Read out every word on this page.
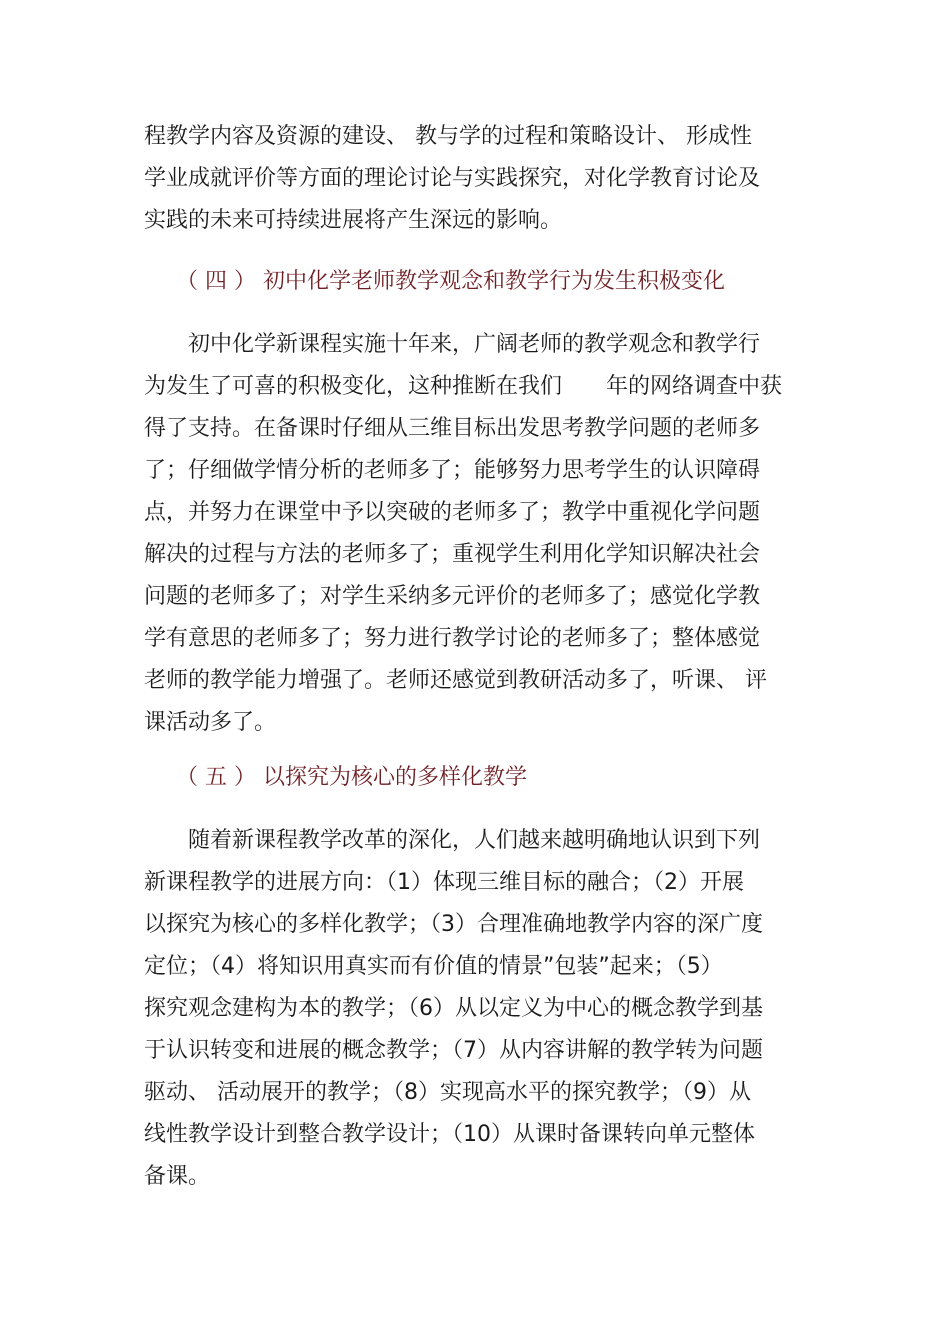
程教学内容及资源的建设、 教与学的过程和策略设计、 形成性
学业成就评价等方面的理论讨论与实践探究，对化学教育讨论及
实践的未来可持续进展将产生深远的影响。
（ 四 ） 初中化学老师教学观念和教学行为发生积极变化
　　初中化学新课程实施十年来，广阔老师的教学观念和教学行
为发生了可喜的积极变化，这种推断在我们　　年的网络调查中获
得了支持。在备课时仔细从三维目标出发思考教学问题的老师多
了；仔细做学情分析的老师多了；能够努力思考学生的认识障碍
点，并努力在课堂中予以突破的老师多了；教学中重视化学问题
解决的过程与方法的老师多了；重视学生利用化学知识解决社会
问题的老师多了；对学生采纳多元评价的老师多了；感觉化学教
学有意思的老师多了；努力进行教学讨论的老师多了；整体感觉
老师的教学能力增强了。老师还感觉到教研活动多了，听课、 评
课活动多了。
（ 五 ） 以探究为核心的多样化教学
　　随着新课程教学改革的深化，人们越来越明确地认识到下列
新课程教学的进展方向：（1）体现三维目标的融合；（2）开展
以探究为核心的多样化教学；（3）合理准确地教学内容的深广度
定位；（4）将知识用真实而有价值的情景”包装”起来；（5）
探究观念建构为本的教学；（6）从以定义为中心的概念教学到基
于认识转变和进展的概念教学；（7）从内容讲解的教学转为问题
驱动、 活动展开的教学；（8）实现高水平的探究教学；（9）从
线性教学设计到整合教学设计；（10）从课时备课转向单元整体
备课。
